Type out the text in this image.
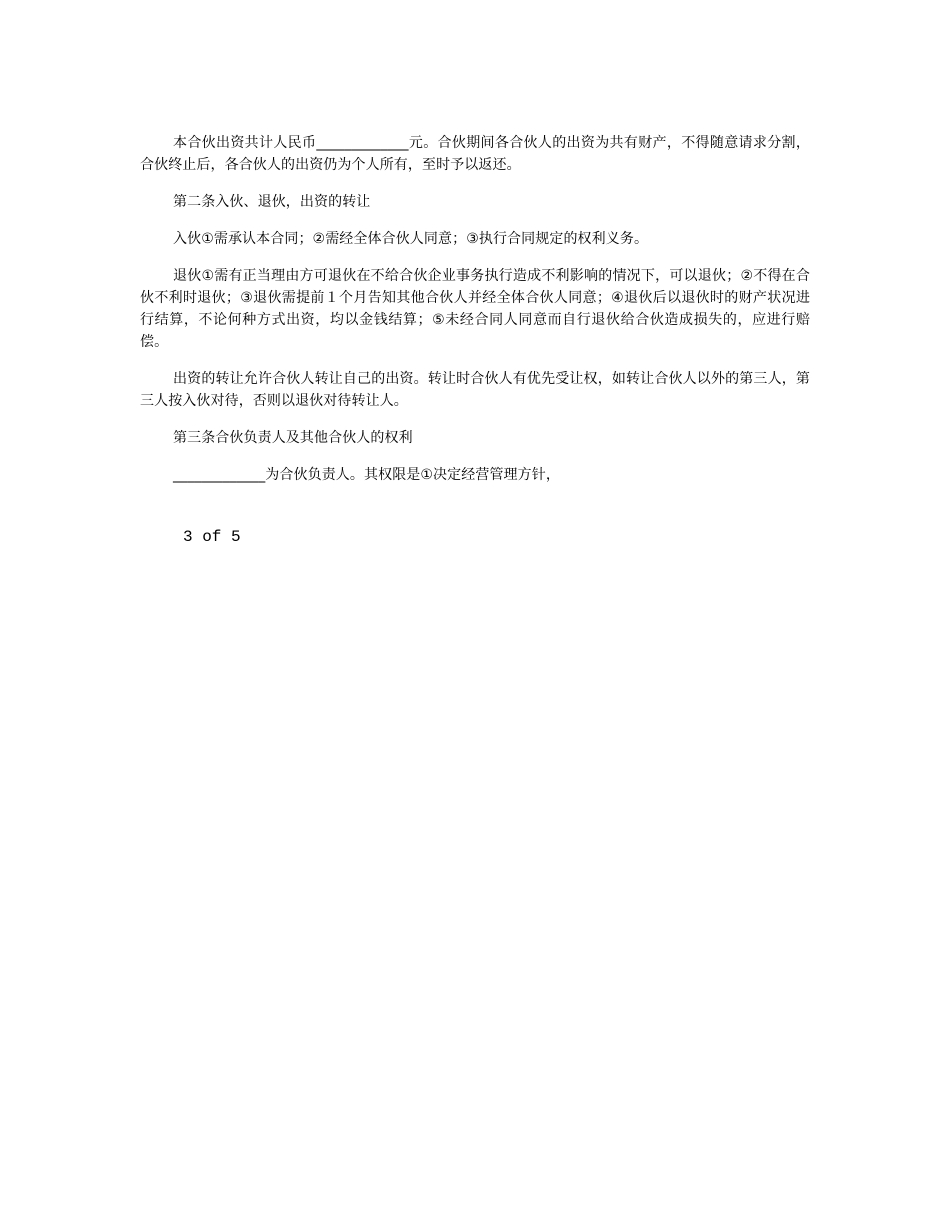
本合伙出资共计人民币_____________元。合伙期间各合伙人的出资为共有财产，不得随意请求分割，合伙终止后，各合伙人的出资仍为个人所有，至时予以返还。

第二条入伙、退伙，出资的转让

入伙①需承认本合同；②需经全体合伙人同意；③执行合同规定的权利义务。

退伙①需有正当理由方可退伙在不给合伙企业事务执行造成不利影响的情况下，可以退伙；②不得在合伙不利时退伙；③退伙需提前１个月告知其他合伙人并经全体合伙人同意；④退伙后以退伙时的财产状况进行结算，不论何种方式出资，均以金钱结算；⑤未经合同人同意而自行退伙给合伙造成损失的，应进行赔偿。

出资的转让允许合伙人转让自己的出资。转让时合伙人有优先受让权，如转让合伙人以外的第三人，第三人按入伙对待，否则以退伙对待转让人。

第三条合伙负责人及其他合伙人的权利

_____________为合伙负责人。其权限是①决定经营管理方针，

3 of 5
